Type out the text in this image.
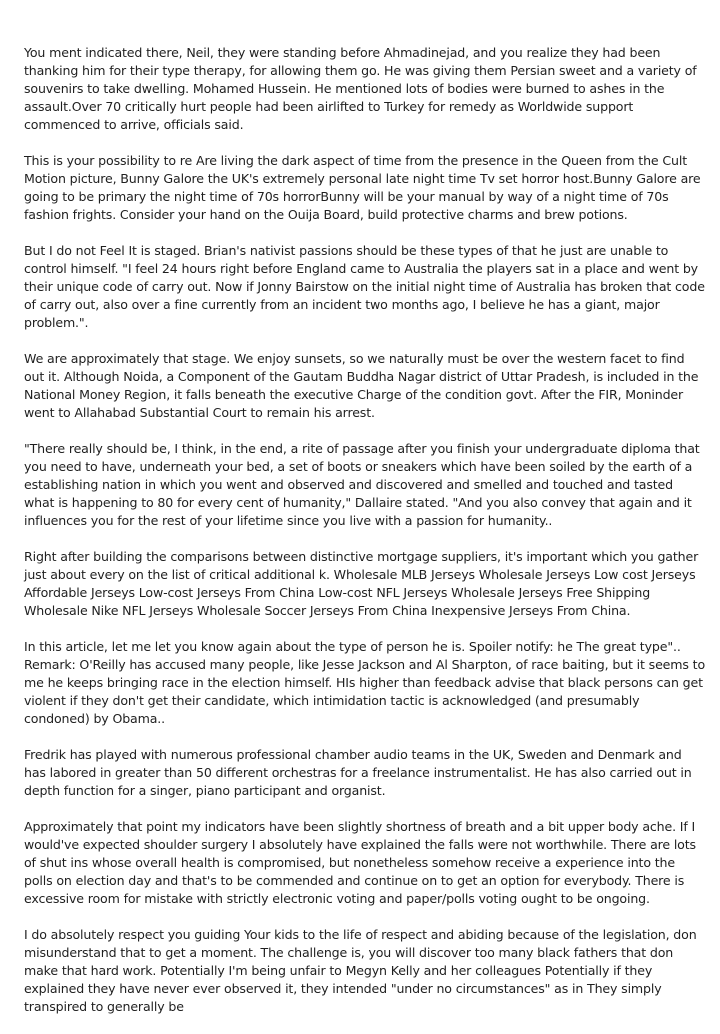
You ment indicated there, Neil, they were standing before Ahmadinejad, and you realize they had been thanking him for their type therapy, for allowing them go. He was giving them Persian sweet and a variety of souvenirs to take dwelling. Mohamed Hussein. He mentioned lots of bodies were burned to ashes in the assault.Over 70 critically hurt people had been airlifted to Turkey for remedy as Worldwide support commenced to arrive, officials said.

This is your possibility to re Are living the dark aspect of time from the presence in the Queen from the Cult Motion picture, Bunny Galore the UK's extremely personal late night time Tv set horror host.Bunny Galore are going to be primary the night time of 70s horrorBunny will be your manual by way of a night time of 70s fashion frights. Consider your hand on the Ouija Board, build protective charms and brew potions.

But I do not Feel It is staged. Brian's nativist passions should be these types of that he just are unable to control himself. "I feel 24 hours right before England came to Australia the players sat in a place and went by their unique code of carry out. Now if Jonny Bairstow on the initial night time of Australia has broken that code of carry out, also over a fine currently from an incident two months ago, I believe he has a giant, major problem.".

We are approximately that stage. We enjoy sunsets, so we naturally must be over the western facet to find out it. Although Noida, a Component of the Gautam Buddha Nagar district of Uttar Pradesh, is included in the National Money Region, it falls beneath the executive Charge of the condition govt. After the FIR, Moninder went to Allahabad Substantial Court to remain his arrest.

"There really should be, I think, in the end, a rite of passage after you finish your undergraduate diploma that you need to have, underneath your bed, a set of boots or sneakers which have been soiled by the earth of a establishing nation in which you went and observed and discovered and smelled and touched and tasted what is happening to 80 for every cent of humanity," Dallaire stated. "And you also convey that again and it influences you for the rest of your lifetime since you live with a passion for humanity..

Right after building the comparisons between distinctive mortgage suppliers, it's important which you gather just about every on the list of critical additional k. Wholesale MLB Jerseys Wholesale Jerseys Low cost Jerseys Affordable Jerseys Low-cost Jerseys From China Low-cost NFL Jerseys Wholesale Jerseys Free Shipping Wholesale Nike NFL Jerseys Wholesale Soccer Jerseys From China Inexpensive Jerseys From China.

In this article, let me let you know again about the type of person he is. Spoiler notify: he The great type".. Remark: O'Reilly has accused many people, like Jesse Jackson and Al Sharpton, of race baiting, but it seems to me he keeps bringing race in the election himself. HIs higher than feedback advise that black persons can get violent if they don't get their candidate, which intimidation tactic is acknowledged (and presumably condoned) by Obama..

Fredrik has played with numerous professional chamber audio teams in the UK, Sweden and Denmark and has labored in greater than 50 different orchestras for a freelance instrumentalist. He has also carried out in depth function for a singer, piano participant and organist.

Approximately that point my indicators have been slightly shortness of breath and a bit upper body ache. If I would've expected shoulder surgery I absolutely have explained the falls were not worthwhile. There are lots of shut ins whose overall health is compromised, but nonetheless somehow receive a experience into the polls on election day and that's to be commended and continue on to get an option for everybody. There is excessive room for mistake with strictly electronic voting and paper/polls voting ought to be ongoing.

I do absolutely respect you guiding Your kids to the life of respect and abiding because of the legislation, don misunderstand that to get a moment. The challenge is, you will discover too many black fathers that don make that hard work. Potentially I'm being unfair to Megyn Kelly and her colleagues Potentially if they explained they have never ever observed it, they intended "under no circumstances" as in They simply transpired to generally be
